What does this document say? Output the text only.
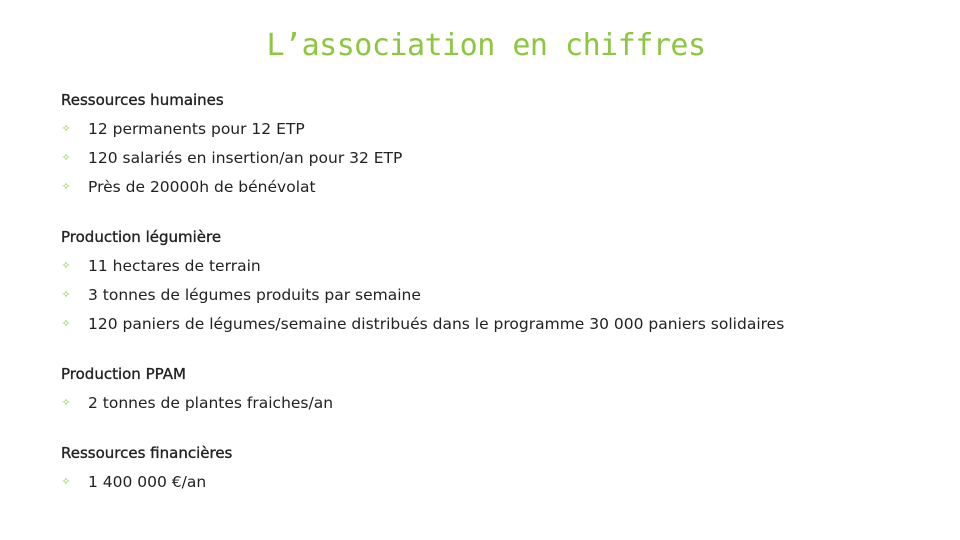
L’association en chiffres
Ressources humaines
✧ 12 permanents pour 12 ETP
✧ 120 salariés en insertion/an pour 32 ETP
✧ Près de 20000h de bénévolat
Production légumière
✧ 11 hectares de terrain
✧ 3 tonnes de légumes produits par semaine
✧ 120 paniers de légumes/semaine distribués dans le programme 30 000 paniers solidaires
Production PPAM
✧ 2 tonnes de plantes fraiches/an
Ressources financières
✧ 1 400 000 €/an
